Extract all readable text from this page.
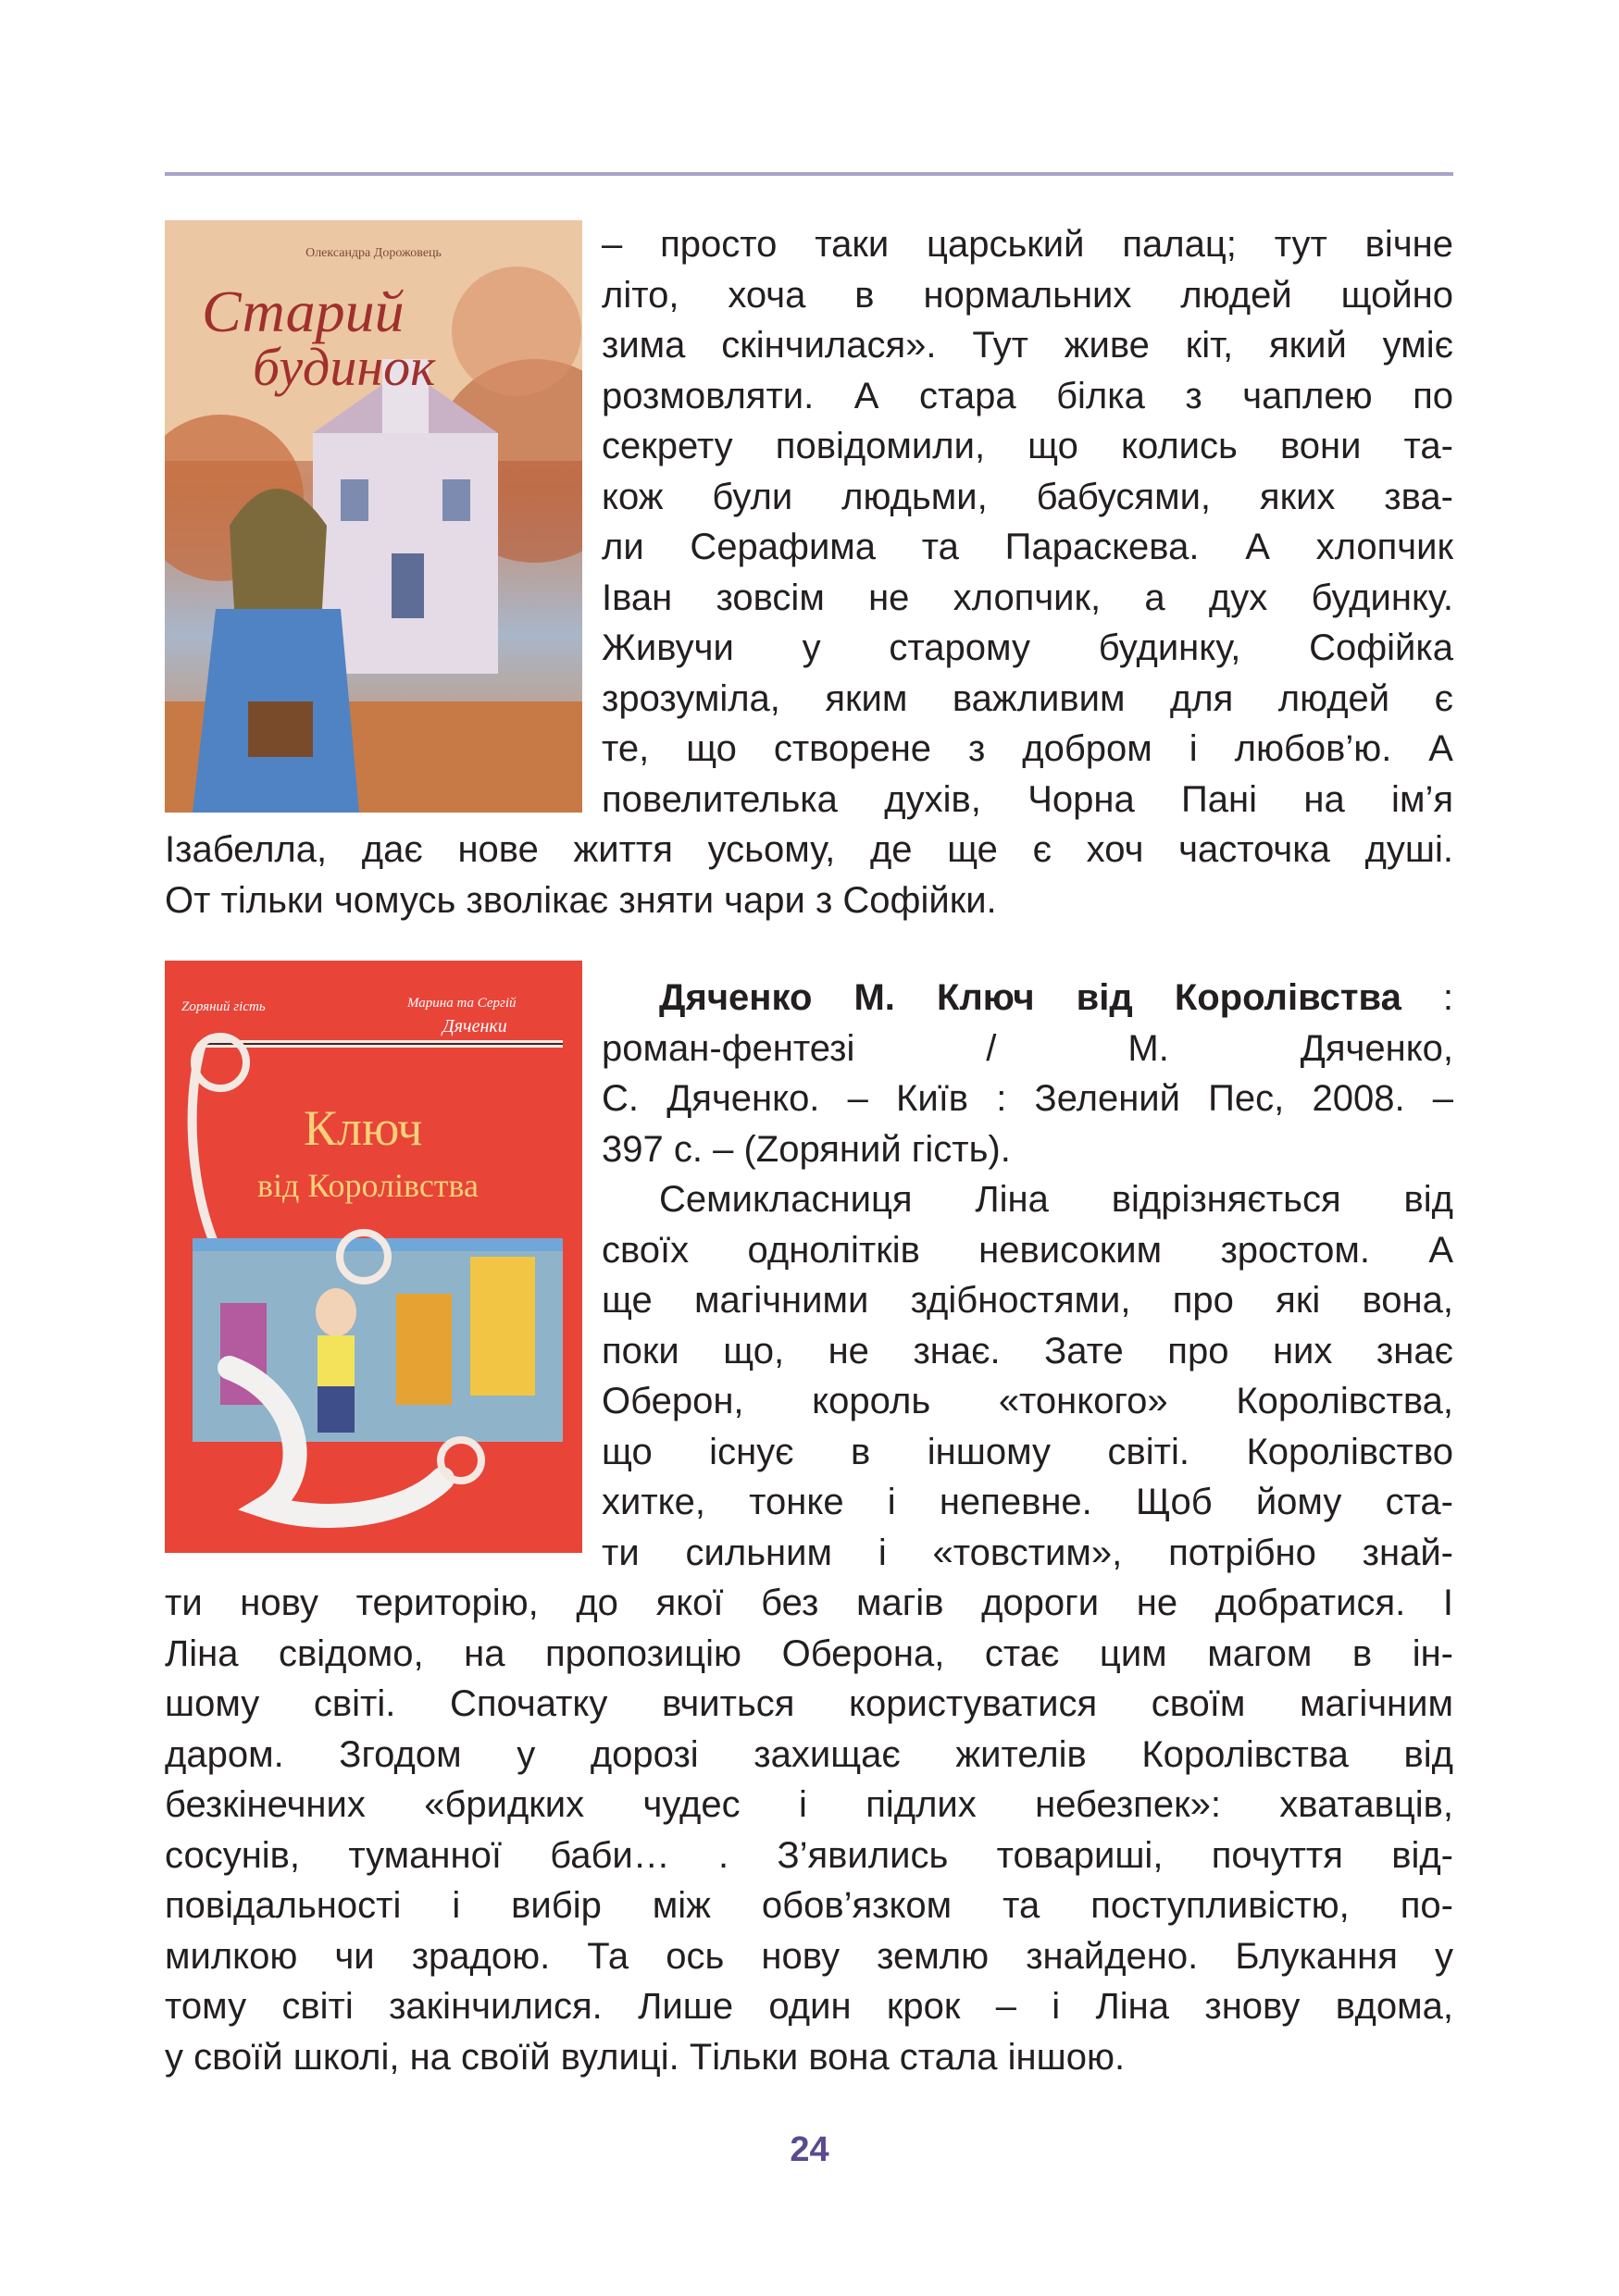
Олександра Дорожовець
Старий
будинок

– просто таки царський палац; тут вічне

літо, хоча в нормальних людей щойно

зима скінчилася». Тут живе кіт, який уміє

розмовляти. А стара білка з чаплею по

секрету повідомили, що колись вони та-

кож були людьми, бабусями, яких зва-

ли Серафима та Параскева. А хлопчик

Іван зовсім не хлопчик, а дух будинку.

Живучи у старому будинку, Софійка

зрозуміла, яким важливим для людей є

те, що створене з добром і любов’ю. А

повелителька духів, Чорна Пані на ім’я

Ізабелла, дає нове життя усьому, де ще є хоч часточка душі.

От тільки чомусь зволікає зняти чари з Софійки.

Zоряний гість	Марина та Сергій
Дяченки
Ключ
від Королівства

Дяченко М. Ключ від Королівства :

роман-фентезі / М. Дяченко,

С. Дяченко. – Київ : Зелений Пес, 2008. –

397 с. – (Zоряний гість).

Семикласниця Ліна відрізняється від

своїх однолітків невисоким зростом. А

ще магічними здібностями, про які вона,

поки що, не знає. Зате про них знає

Оберон, король «тонкого» Королівства,

що існує в іншому світі. Королівство

хитке, тонке і непевне. Щоб йому ста-

ти сильним і «товстим», потрібно знай-

ти нову територію, до якої без магів дороги не добратися. І

Ліна свідомо, на пропозицію Оберона, стає цим магом в ін-

шому світі. Спочатку вчиться користуватися своїм магічним

даром. Згодом у дорозі захищає жителів Королівства від

безкінечних «бридких чудес і підлих небезпек»: хватавців,

сосунів, туманної баби… . З’явились товариші, почуття від-

повідальності і вибір між обов’язком та поступливістю, по-

милкою чи зрадою. Та ось нову землю знайдено. Блукання у

тому світі закінчилися. Лише один крок – і Ліна знову вдома,

у своїй школі, на своїй вулиці. Тільки вона стала іншою.

24
